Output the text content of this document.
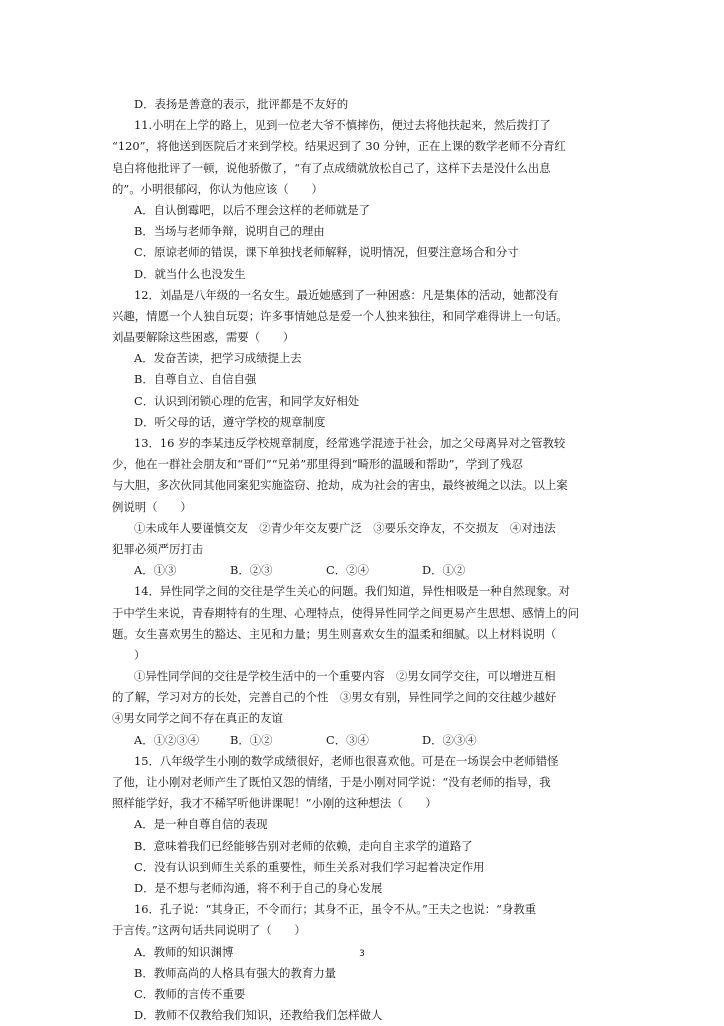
D．表扬是善意的表示，批评都是不友好的
11.小明在上学的路上，见到一位老大爷不慎摔伤，便过去将他扶起来，然后拨打了
“120”，将他送到医院后才来到学校。结果迟到了 30 分钟，正在上课的数学老师不分青红
皂白将他批评了一顿，说他骄傲了，“有了点成绩就放松自己了，这样下去是没什么出息
的”。小明很郁闷，你认为他应该（　　）
A．自认倒霉吧，以后不理会这样的老师就是了
B．当场与老师争辩，说明自己的理由
C．原谅老师的错误，课下单独找老师解释，说明情况，但要注意场合和分寸
D．就当什么也没发生
12．刘晶是八年级的一名女生。最近她感到了一种困惑：凡是集体的活动，她都没有
兴趣，情愿一个人独自玩耍；许多事情她总是爱一个人独来独往，和同学难得讲上一句话。
刘晶要解除这些困惑，需要（　　）
A．发奋苦读，把学习成绩提上去
B．自尊自立、自信自强
C．认识到闭锁心理的危害，和同学友好相处
D．听父母的话，遵守学校的规章制度
13．16 岁的李某违反学校规章制度，经常逃学混迹于社会，加之父母离异对之管教较
少，他在一群社会朋友和“哥们”“兄弟”那里得到“畸形的温暖和帮助”，学到了残忍
与大胆，多次伙同其他同案犯实施盗窃、抢劫，成为社会的害虫，最终被绳之以法。以上案
例说明（　　）
①未成年人要谨慎交友　②青少年交友要广泛　③要乐交诤友，不交损友　④对违法
犯罪必须严厉打击
A．①③	B．②③	C．②④	D．①②
14．异性同学之间的交往是学生关心的问题。我们知道，异性相吸是一种自然现象。对
于中学生来说，青春期特有的生理、心理特点，使得异性同学之间更易产生思想、感情上的问
题。女生喜欢男生的豁达、主见和力量；男生则喜欢女生的温柔和细腻。以上材料说明（
）
①异性同学间的交往是学校生活中的一个重要内容　②男女同学交往，可以增进互相
的了解，学习对方的长处，完善自己的个性　③男女有别，异性同学之间的交往越少越好
④男女同学之间不存在真正的友谊
A．①②③④	B．①②	C．③④	D．②③④
15．八年级学生小刚的数学成绩很好，老师也很喜欢他。可是在一场误会中老师错怪
了他，让小刚对老师产生了既怕又怨的情绪，于是小刚对同学说：“没有老师的指导，我
照样能学好，我才不稀罕听他讲课呢！”小刚的这种想法（　　）
A．是一种自尊自信的表现
B．意味着我们已经能够告别对老师的依赖，走向自主求学的道路了
C．没有认识到师生关系的重要性，师生关系对我们学习起着决定作用
D．是不想与老师沟通，将不利于自己的身心发展
16．孔子说：“其身正，不令而行；其身不正，虽令不从。”王夫之也说：“身教重
于言传。”这两句话共同说明了（　　）
A．教师的知识渊博
B．教师高尚的人格具有强大的教育力量
C．教师的言传不重要
D．教师不仅教给我们知识，还教给我们怎样做人
3
